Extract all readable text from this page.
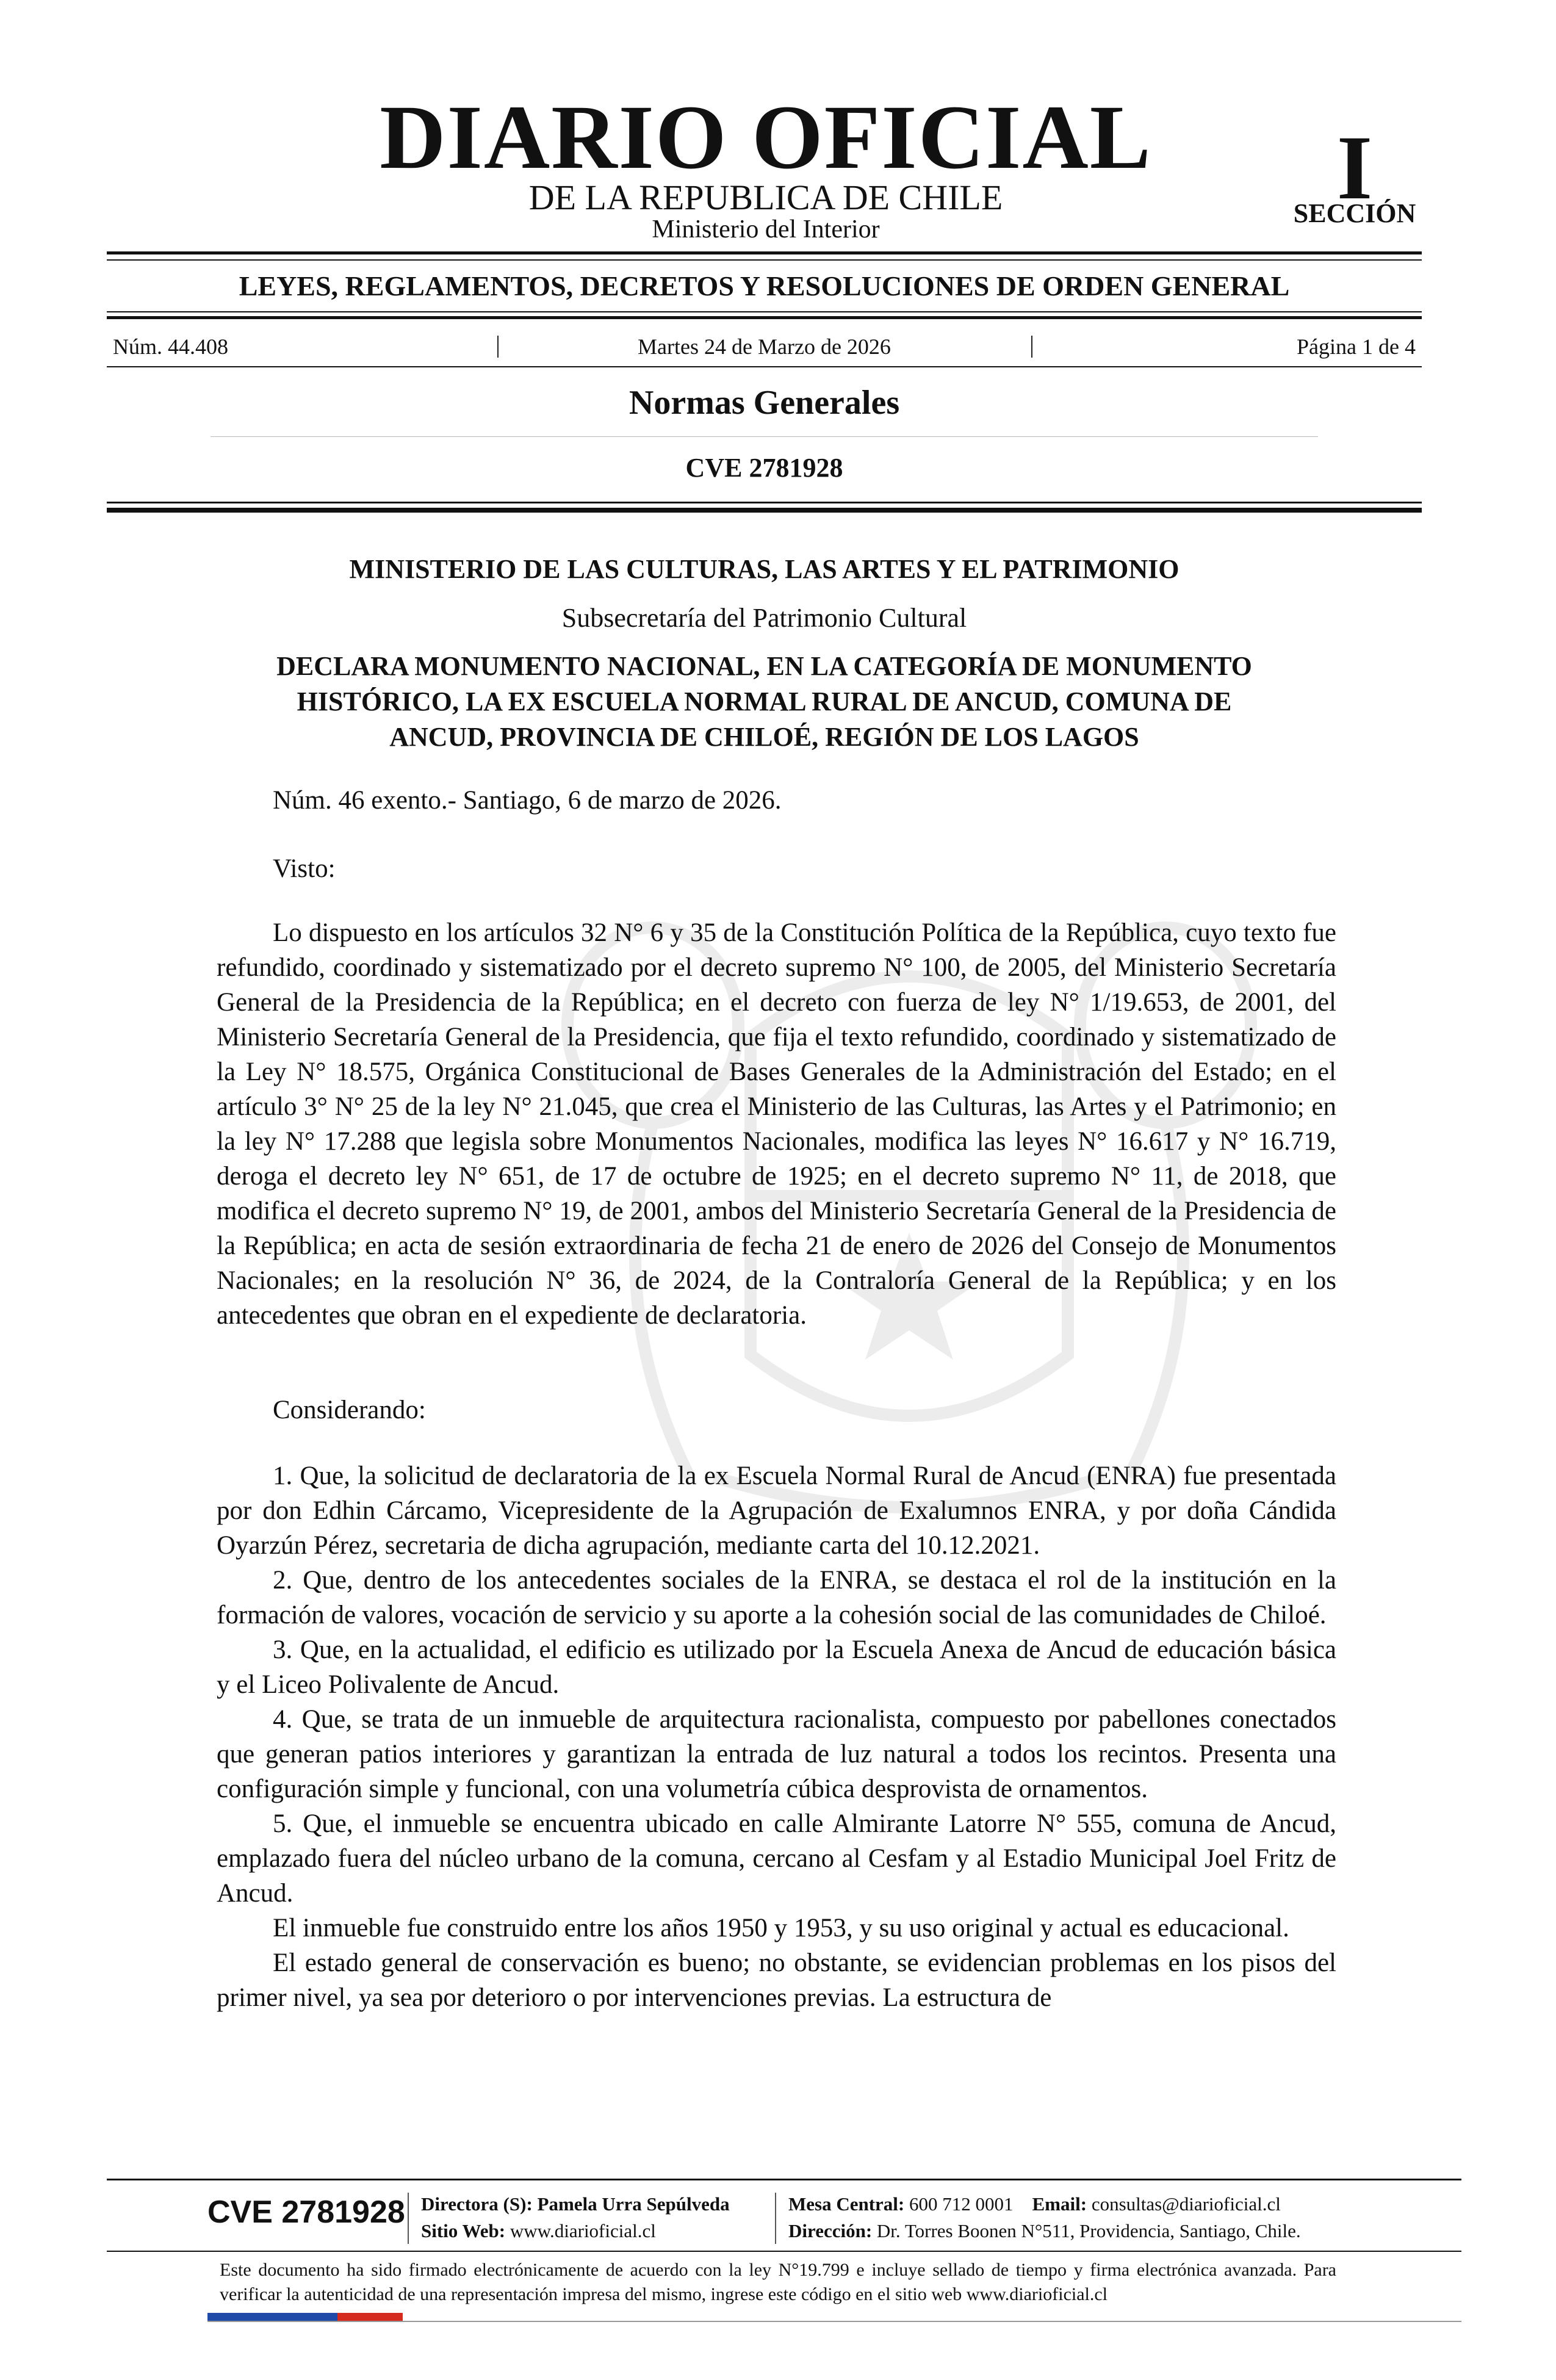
DIARIO OFICIAL
DE LA REPUBLICA DE CHILE
Ministerio del Interior
I
SECCIÓN
LEYES, REGLAMENTOS, DECRETOS Y RESOLUCIONES DE ORDEN GENERAL
Núm. 44.408	Martes 24 de Marzo de 2026	Página 1 de 4
Normas Generales
CVE 2781928
MINISTERIO DE LAS CULTURAS, LAS ARTES Y EL PATRIMONIO
Subsecretaría del Patrimonio Cultural
DECLARA MONUMENTO NACIONAL, EN LA CATEGORÍA DE MONUMENTO
HISTÓRICO, LA EX ESCUELA NORMAL RURAL DE ANCUD, COMUNA DE
ANCUD, PROVINCIA DE CHILOÉ, REGIÓN DE LOS LAGOS
Núm. 46 exento.- Santiago, 6 de marzo de 2026.
Visto:

Lo dispuesto en los artículos 32 N° 6 y 35 de la Constitución Política de la República, cuyo texto fue refundido, coordinado y sistematizado por el decreto supremo N° 100, de 2005, del Ministerio Secretaría General de la Presidencia de la República; en el decreto con fuerza de ley N° 1/19.653, de 2001, del Ministerio Secretaría General de la Presidencia, que fija el texto refundido, coordinado y sistematizado de la Ley N° 18.575, Orgánica Constitucional de Bases Generales de la Administración del Estado; en el artículo 3° N° 25 de la ley N° 21.045, que crea el Ministerio de las Culturas, las Artes y el Patrimonio; en la ley N° 17.288 que legisla sobre Monumentos Nacionales, modifica las leyes N° 16.617 y N° 16.719, deroga el decreto ley N° 651, de 17 de octubre de 1925; en el decreto supremo N° 11, de 2018, que modifica el decreto supremo N° 19, de 2001, ambos del Ministerio Secretaría General de la Presidencia de la República; en acta de sesión extraordinaria de fecha 21 de enero de 2026 del Consejo de Monumentos Nacionales; en la resolución N° 36, de 2024, de la Contraloría General de la República; y en los antecedentes que obran en el expediente de declaratoria.

Considerando:

1. Que, la solicitud de declaratoria de la ex Escuela Normal Rural de Ancud (ENRA) fue presentada por don Edhin Cárcamo, Vicepresidente de la Agrupación de Exalumnos ENRA, y por doña Cándida Oyarzún Pérez, secretaria de dicha agrupación, mediante carta del 10.12.2021.

2. Que, dentro de los antecedentes sociales de la ENRA, se destaca el rol de la institución en la formación de valores, vocación de servicio y su aporte a la cohesión social de las comunidades de Chiloé.

3. Que, en la actualidad, el edificio es utilizado por la Escuela Anexa de Ancud de educación básica y el Liceo Polivalente de Ancud.

4. Que, se trata de un inmueble de arquitectura racionalista, compuesto por pabellones conectados que generan patios interiores y garantizan la entrada de luz natural a todos los recintos. Presenta una configuración simple y funcional, con una volumetría cúbica desprovista de ornamentos.

5. Que, el inmueble se encuentra ubicado en calle Almirante Latorre N° 555, comuna de Ancud, emplazado fuera del núcleo urbano de la comuna, cercano al Cesfam y al Estadio Municipal Joel Fritz de Ancud.

El inmueble fue construido entre los años 1950 y 1953, y su uso original y actual es educacional.

El estado general de conservación es bueno; no obstante, se evidencian problemas en los pisos del primer nivel, ya sea por deterioro o por intervenciones previas. La estructura de

CVE 2781928 Directora (S): Pamela Urra Sepúlveda
Sitio Web: www.diarioficial.cl
Mesa Central: 600 712 0001 Email: consultas@diarioficial.cl
Dirección: Dr. Torres Boonen N°511, Providencia, Santiago, Chile.
Este documento ha sido firmado electrónicamente de acuerdo con la ley N°19.799 e incluye sellado de tiempo y firma electrónica avanzada. Para verificar la autenticidad de una representación impresa del mismo, ingrese este código en el sitio web www.diarioficial.cl
